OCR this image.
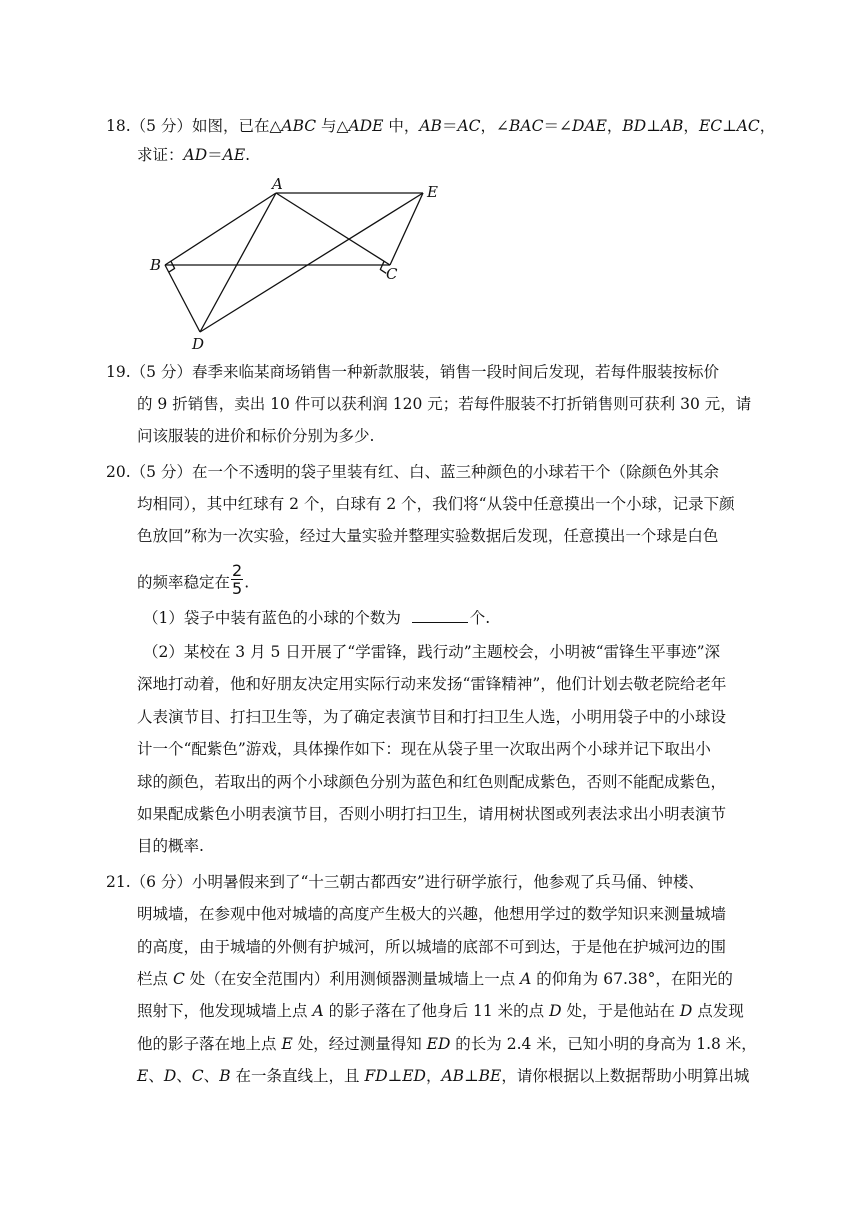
18.（5 分）如图，已在△ABC 与△ADE 中，AB＝AC，∠BAC＝∠DAE，BD⊥AB，EC⊥AC，
求证：AD＝AE.
A
B	C
D
E
19.（5 分）春季来临某商场销售一种新款服装，销售一段时间后发现，若每件服装按标价
的 9 折销售，卖出 10 件可以获利润 120 元；若每件服装不打折销售则可获利 30 元，请
问该服装的进价和标价分别为多少.
20.（5 分）在一个不透明的袋子里装有红、白、蓝三种颜色的小球若干个（除颜色外其余
均相同），其中红球有 2 个，白球有 2 个，我们将“从袋中任意摸出一个小球，记录下颜
色放回”称为一次实验，经过大量实验并整理实验数据后发现，任意摸出一个球是白色
的频率稳定在 $\frac{2}{5}$ .
（1）袋子中装有蓝色的小球的个数为	个.
（2）某校在 3 月 5 日开展了“学雷锋，践行动”主题校会，小明被“雷锋生平事迹”深
深地打动着，他和好朋友决定用实际行动来发扬“雷锋精神”，他们计划去敬老院给老年
人表演节目、打扫卫生等，为了确定表演节目和打扫卫生人选，小明用袋子中的小球设
计一个“配紫色”游戏，具体操作如下：现在从袋子里一次取出两个小球并记下取出小
球的颜色，若取出的两个小球颜色分别为蓝色和红色则配成紫色，否则不能配成紫色，
如果配成紫色小明表演节目，否则小明打扫卫生，请用树状图或列表法求出小明表演节
目的概率.
21.（6 分）小明暑假来到了“十三朝古都西安”进行研学旅行，他参观了兵马俑、钟楼、
明城墙，在参观中他对城墙的高度产生极大的兴趣，他想用学过的数学知识来测量城墙
的高度，由于城墙的外侧有护城河，所以城墙的底部不可到达，于是他在护城河边的围
栏点 C 处（在安全范围内）利用测倾器测量城墙上一点 A 的仰角为 67.38°，在阳光的
照射下，他发现城墙上点 A 的影子落在了他身后 11 米的点 D 处，于是他站在 D 点发现
他的影子落在地上点 E 处，经过测量得知 ED 的长为 2.4 米，已知小明的身高为 1.8 米，
E、D、C、B 在一条直线上，且 FD⊥ED，AB⊥BE，请你根据以上数据帮助小明算出城
